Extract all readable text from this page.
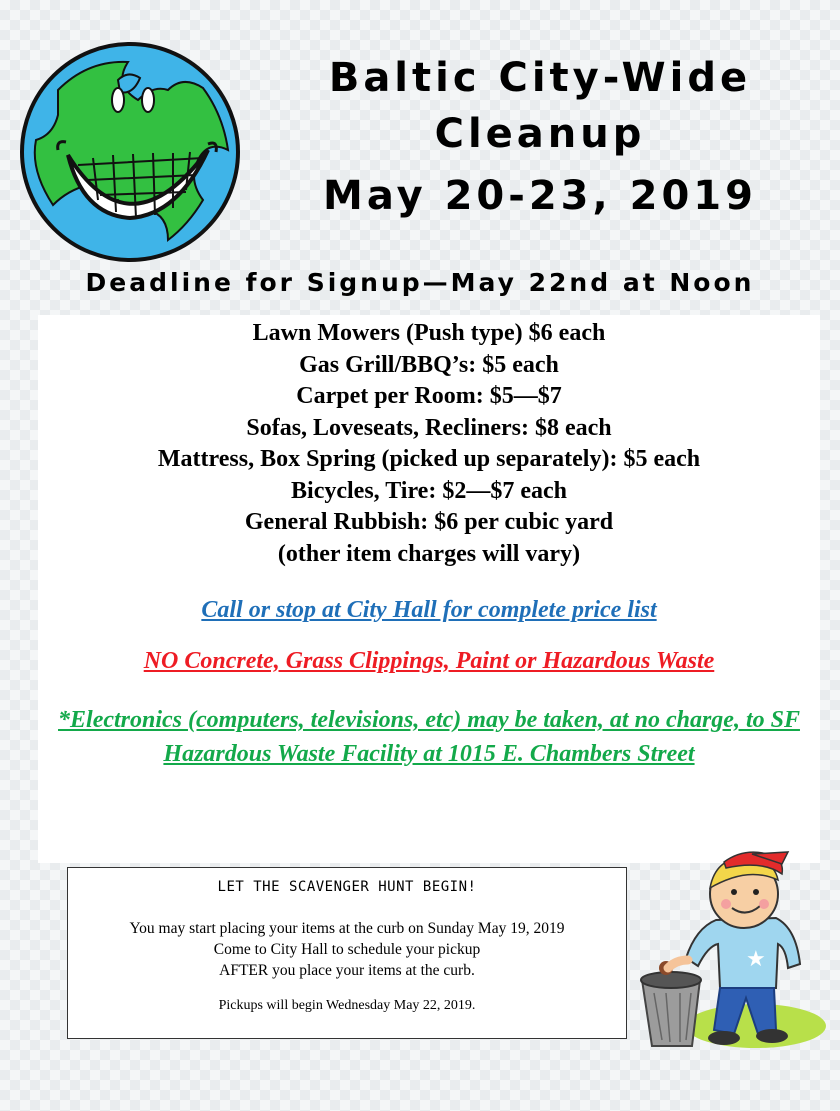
Baltic City-Wide
Cleanup
May 20-23, 2019
Deadline for Signup—May 22nd at Noon
Lawn Mowers (Push type) $6 each
Gas Grill/BBQ’s: $5 each
Carpet per Room: $5—$7
Sofas, Loveseats, Recliners: $8 each
Mattress, Box Spring (picked up separately): $5 each
Bicycles, Tire: $2—$7 each
General Rubbish: $6 per cubic yard
(other item charges will vary)
Call or stop at City Hall for complete price list
NO Concrete, Grass Clippings, Paint or Hazardous Waste
*Electronics (computers, televisions, etc) may be taken, at no charge, to SF Hazardous Waste Facility at 1015 E. Chambers Street
LET THE SCAVENGER HUNT BEGIN!
You may start placing your items at the curb on Sunday May 19, 2019
Come to City Hall to schedule your pickup
AFTER you place your items at the curb.
Pickups will begin Wednesday May 22, 2019.
★
